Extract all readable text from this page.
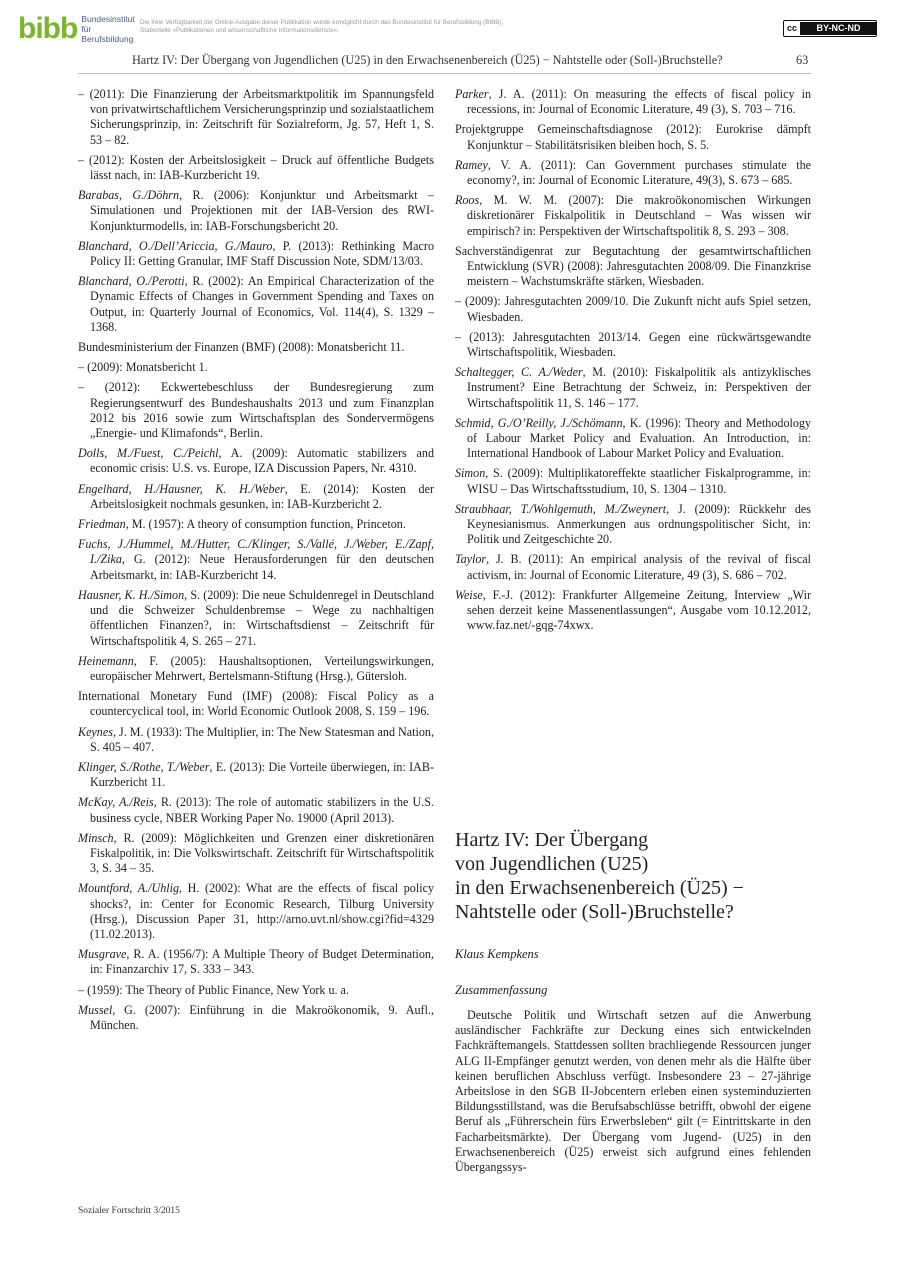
bibb Bundesinstitut für Berufsbildung
Die freie Verfügbarkeit der Online-Ausgabe dieser Publikation wurde ermöglicht durch das Bundesinstitut für Berufsbildung (BIBB), Stabsstelle »Publikationen und wissenschaftliche Informationsdienste«.	cc	BY-NC-ND
Hartz IV: Der Übergang von Jugendlichen (U25) in den Erwachsenenbereich (Ü25) − Nahtstelle oder (Soll-)Bruchstelle?	63

– (2011): Die Finanzierung der Arbeitsmarktpolitik im Spannungsfeld von privatwirtschaftlichem Versicherungsprinzip und sozialstaatlichem Sicherungsprinzip, in: Zeitschrift für Sozialreform, Jg. 57, Heft 1, S. 53 – 82.

– (2012): Kosten der Arbeitslosigkeit – Druck auf öffentliche Budgets lässt nach, in: IAB-Kurzbericht 19.

Barabas, G./Döhrn, R. (2006): Konjunktur und Arbeitsmarkt – Simulationen und Projektionen mit der IAB-Version des RWI-Konjunkturmodells, in: IAB-Forschungsbericht 20.

Blanchard, O./Dell’Ariccia, G./Mauro, P. (2013): Rethinking Macro Policy II: Getting Granular, IMF Staff Discussion Note, SDM/13/03.

Blanchard, O./Perotti, R. (2002): An Empirical Characterization of the Dynamic Effects of Changes in Government Spending and Taxes on Output, in: Quarterly Journal of Economics, Vol. 114(4), S. 1329 – 1368.

Bundesministerium der Finanzen (BMF) (2008): Monatsbericht 11.

– (2009): Monatsbericht 1.

– (2012): Eckwertebeschluss der Bundesregierung zum Regierungsentwurf des Bundeshaushalts 2013 und zum Finanzplan 2012 bis 2016 sowie zum Wirtschaftsplan des Sondervermögens „Energie- und Klimafonds“, Berlin.

Dolls, M./Fuest, C./Peichl, A. (2009): Automatic stabilizers and economic crisis: U.S. vs. Europe, IZA Discussion Papers, Nr. 4310.

Engelhard, H./Hausner, K. H./Weber, E. (2014): Kosten der Arbeitslosigkeit nochmals gesunken, in: IAB-Kurzbericht 2.

Friedman, M. (1957): A theory of consumption function, Princeton.

Fuchs, J./Hummel, M./Hutter, C./Klinger, S./Vallé, J./Weber, E./Zapf, I./Zika, G. (2012): Neue Herausforderungen für den deutschen Arbeitsmarkt, in: IAB-Kurzbericht 14.

Hausner, K. H./Simon, S. (2009): Die neue Schuldenregel in Deutschland und die Schweizer Schuldenbremse – Wege zu nachhaltigen öffentlichen Finanzen?, in: Wirtschaftsdienst – Zeitschrift für Wirtschaftspolitik 4, S. 265 – 271.

Heinemann, F. (2005): Haushaltsoptionen, Verteilungswirkungen, europäischer Mehrwert, Bertelsmann-Stiftung (Hrsg.), Gütersloh.

International Monetary Fund (IMF) (2008): Fiscal Policy as a countercyclical tool, in: World Economic Outlook 2008, S. 159 – 196.

Keynes, J. M. (1933): The Multiplier, in: The New Statesman and Nation, S. 405 – 407.

Klinger, S./Rothe, T./Weber, E. (2013): Die Vorteile überwiegen, in: IAB-Kurzbericht 11.

McKay, A./Reis, R. (2013): The role of automatic stabilizers in the U.S. business cycle, NBER Working Paper No. 19000 (April 2013).

Minsch, R. (2009): Möglichkeiten und Grenzen einer diskretionären Fiskalpolitik, in: Die Volkswirtschaft. Zeitschrift für Wirtschaftspolitik 3, S. 34 – 35.

Mountford, A./Uhlig, H. (2002): What are the effects of fiscal policy shocks?, in: Center for Economic Research, Tilburg University (Hrsg.), Discussion Paper 31, http://arno.uvt.nl/show.cgi?fid=4329 (11.02.2013).

Musgrave, R. A. (1956/7): A Multiple Theory of Budget Determination, in: Finanzarchiv 17, S. 333 – 343.

– (1959): The Theory of Public Finance, New York u. a.

Mussel, G. (2007): Einführung in die Makroökonomik, 9. Aufl., München.

Parker, J. A. (2011): On measuring the effects of fiscal policy in recessions, in: Journal of Economic Literature, 49 (3), S. 703 – 716.

Projektgruppe Gemeinschaftsdiagnose (2012): Eurokrise dämpft Konjunktur – Stabilitätsrisiken bleiben hoch, S. 5.

Ramey, V. A. (2011): Can Government purchases stimulate the economy?, in: Journal of Economic Literature, 49(3), S. 673 – 685.

Roos, M. W. M. (2007): Die makroökonomischen Wirkungen diskretionärer Fiskalpolitik in Deutschland – Was wissen wir empirisch? in: Perspektiven der Wirtschaftspolitik 8, S. 293 – 308.

Sachverständigenrat zur Begutachtung der gesamtwirtschaftlichen Entwicklung (SVR) (2008): Jahresgutachten 2008/09. Die Finanzkrise meistern – Wachstumskräfte stärken, Wiesbaden.

– (2009): Jahresgutachten 2009/10. Die Zukunft nicht aufs Spiel setzen, Wiesbaden.

– (2013): Jahresgutachten 2013/14. Gegen eine rückwärtsgewandte Wirtschaftspolitik, Wiesbaden.

Schaltegger, C. A./Weder, M. (2010): Fiskalpolitik als antizyklisches Instrument? Eine Betrachtung der Schweiz, in: Perspektiven der Wirtschaftspolitik 11, S. 146 – 177.

Schmid, G./O’Reilly, J./Schömann, K. (1996): Theory and Methodology of Labour Market Policy and Evaluation. An Introduction, in: International Handbook of Labour Market Policy and Evaluation.

Simon, S. (2009): Multiplikatoreffekte staatlicher Fiskalprogramme, in: WISU – Das Wirtschaftsstudium, 10, S. 1304 – 1310.

Straubhaar, T./Wohlgemuth, M./Zweynert, J. (2009): Rückkehr des Keynesianismus. Anmerkungen aus ordnungspolitischer Sicht, in: Politik und Zeitgeschichte 20.

Taylor, J. B. (2011): An empirical analysis of the revival of fiscal activism, in: Journal of Economic Literature, 49 (3), S. 686 – 702.

Weise, F.-J. (2012): Frankfurter Allgemeine Zeitung, Interview „Wir sehen derzeit keine Massenentlassungen“, Ausgabe vom 10.12.2012, www.faz.net/-gqg-74xwx.

Hartz IV: Der Übergang
von Jugendlichen (U25)
in den Erwachsenenbereich (Ü25) −
Nahtstelle oder (Soll-)Bruchstelle?
Klaus Kempkens
Zusammenfassung
Deutsche Politik und Wirtschaft setzen auf die Anwerbung ausländischer Fachkräfte zur Deckung eines sich entwickelnden Fachkräftemangels. Stattdessen sollten brachliegende Ressourcen junger ALG II-Empfänger genutzt werden, von denen mehr als die Hälfte über keinen beruflichen Abschluss verfügt. Insbesondere 23 – 27-jährige Arbeitslose in den SGB II-Jobcentern erleben einen systeminduzierten Bildungsstillstand, was die Berufsabschlüsse betrifft, obwohl der eigene Beruf als „Führerschein fürs Erwerbsleben“ gilt (= Eintrittskarte in den Facharbeitsmärkte). Der Übergang vom Jugend- (U25) in den Erwachsenenbereich (Ü25) erweist sich aufgrund eines fehlenden Übergangssys-
Sozialer Fortschritt 3/2015
